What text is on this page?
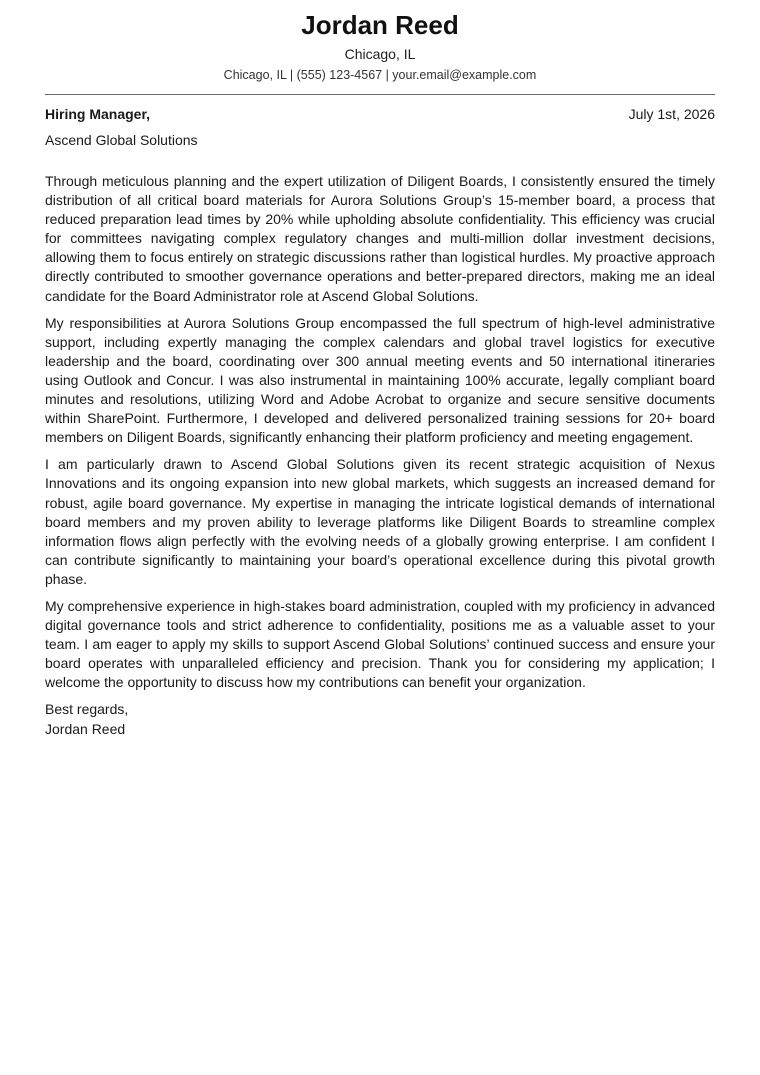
Jordan Reed
Chicago, IL
Chicago, IL | (555) 123-4567 | your.email@example.com
Hiring Manager,	July 1st, 2026
Ascend Global Solutions

Through meticulous planning and the expert utilization of Diligent Boards, I consistently ensured the timely distribution of all critical board materials for Aurora Solutions Group’s 15-member board, a process that reduced preparation lead times by 20% while upholding absolute confidentiality. This efficiency was crucial for committees navigating complex regulatory changes and multi-million dollar investment decisions, allowing them to focus entirely on strategic discussions rather than logistical hurdles. My proactive approach directly contributed to smoother governance operations and better-prepared directors, making me an ideal candidate for the Board Administrator role at Ascend Global Solutions.

My responsibilities at Aurora Solutions Group encompassed the full spectrum of high-level administrative support, including expertly managing the complex calendars and global travel logistics for executive leadership and the board, coordinating over 300 annual meeting events and 50 international itineraries using Outlook and Concur. I was also instrumental in maintaining 100% accurate, legally compliant board minutes and resolutions, utilizing Word and Adobe Acrobat to organize and secure sensitive documents within SharePoint. Furthermore, I developed and delivered personalized training sessions for 20+ board members on Diligent Boards, significantly enhancing their platform proficiency and meeting engagement.

I am particularly drawn to Ascend Global Solutions given its recent strategic acquisition of Nexus Innovations and its ongoing expansion into new global markets, which suggests an increased demand for robust, agile board governance. My expertise in managing the intricate logistical demands of international board members and my proven ability to leverage platforms like Diligent Boards to streamline complex information flows align perfectly with the evolving needs of a globally growing enterprise. I am confident I can contribute significantly to maintaining your board’s operational excellence during this pivotal growth phase.

My comprehensive experience in high-stakes board administration, coupled with my proficiency in advanced digital governance tools and strict adherence to confidentiality, positions me as a valuable asset to your team. I am eager to apply my skills to support Ascend Global Solutions’ continued success and ensure your board operates with unparalleled efficiency and precision. Thank you for considering my application; I welcome the opportunity to discuss how my contributions can benefit your organization.

Best regards,
Jordan Reed
